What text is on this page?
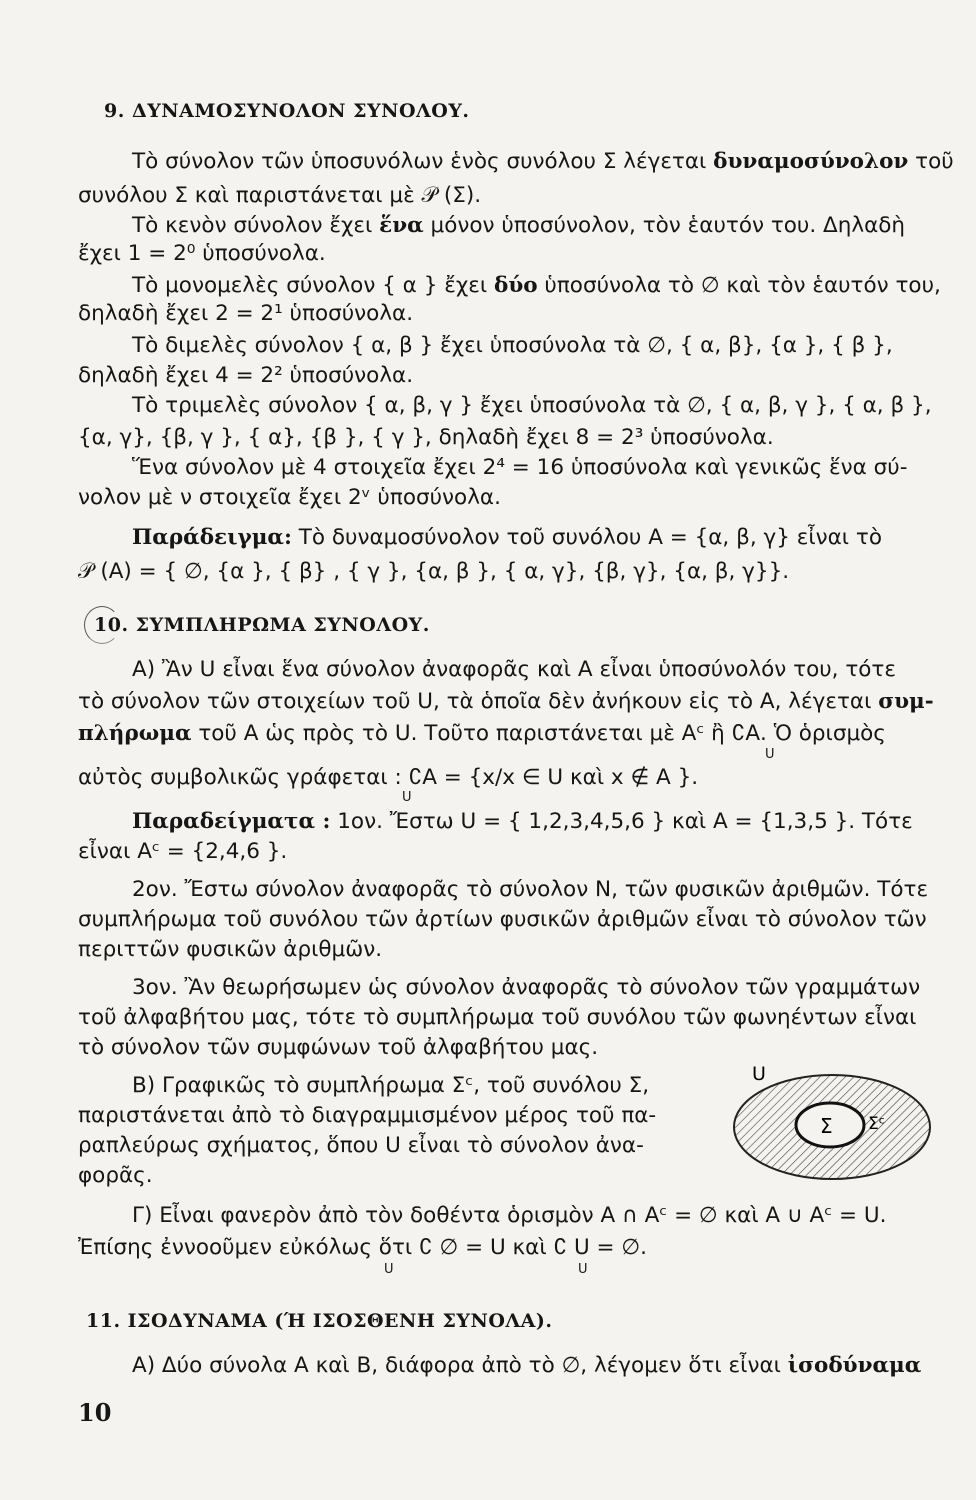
9. ΔΥΝΑΜΟΣΥΝΟΛΟΝ ΣΥΝΟΛΟΥ.
Τὸ σύνολον τῶν ὑποσυνόλων ἑνὸς συνόλου Σ λέγεται δυναμοσύνολον τοῦ
συνόλου Σ καὶ παριστάνεται μὲ 𝒫 (Σ).
Τὸ κενὸν σύνολον ἔχει ἕνα μόνον ὑποσύνολον, τὸν ἑαυτόν του. Δηλαδὴ
ἔχει 1 = 2⁰ ὑποσύνολα.
Τὸ μονομελὲς σύνολον { α } ἔχει δύο ὑποσύνολα τὸ ∅ καὶ τὸν ἑαυτόν του,
δηλαδὴ ἔχει 2 = 2¹ ὑποσύνολα.
Τὸ διμελὲς σύνολον { α, β } ἔχει ὑποσύνολα τὰ ∅, { α, β}, {α }, { β },
δηλαδὴ ἔχει 4 = 2² ὑποσύνολα.
Τὸ τριμελὲς σύνολον { α, β, γ } ἔχει ὑποσύνολα τὰ ∅, { α, β, γ }, { α, β },
{α, γ}, {β, γ }, { α}, {β }, { γ }, δηλαδὴ ἔχει 8 = 2³ ὑποσύνολα.
Ἕνα σύνολον μὲ 4 στοιχεῖα ἔχει 2⁴ = 16 ὑποσύνολα καὶ γενικῶς ἕνα σύ-
νολον μὲ ν στοιχεῖα ἔχει 2ᵛ ὑποσύνολα.
Παράδειγμα: Τὸ δυναμοσύνολον τοῦ συνόλου Α = {α, β, γ} εἶναι τὸ
𝒫 (Α) = { ∅, {α }, { β} , { γ }, {α, β }, { α, γ}, {β, γ}, {α, β, γ}}.
10. ΣΥΜΠΛΗΡΩΜΑ ΣΥΝΟΛΟΥ.
Α) Ἂν U εἶναι ἕνα σύνολον ἀναφορᾶς καὶ Α εἶναι ὑποσύνολόν του, τότε
τὸ σύνολον τῶν στοιχείων τοῦ U, τὰ ὁποῖα δὲν ἀνήκουν εἰς τὸ Α, λέγεται συμ-
πλήρωμα τοῦ Α ὡς πρὸς τὸ U. Τοῦτο παριστάνεται μὲ Αᶜ ἢ ∁Α. Ὁ ὁρισμὸς
U
αὐτὸς συμβολικῶς γράφεται : ∁Α = {x/x ∈ U καὶ x ∉ A }.
U
Παραδείγματα : 1ον. Ἔστω U = { 1,2,3,4,5,6 } καὶ A = {1,3,5 }. Τότε
εἶναι Αᶜ = {2,4,6 }.
2ον. Ἔστω σύνολον ἀναφορᾶς τὸ σύνολον Ν, τῶν φυσικῶν ἀριθμῶν. Τότε
συμπλήρωμα τοῦ συνόλου τῶν ἀρτίων φυσικῶν ἀριθμῶν εἶναι τὸ σύνολον τῶν
περιττῶν φυσικῶν ἀριθμῶν.
3ον. Ἂν θεωρήσωμεν ὡς σύνολον ἀναφορᾶς τὸ σύνολον τῶν γραμμάτων
τοῦ ἀλφαβήτου μας, τότε τὸ συμπλήρωμα τοῦ συνόλου τῶν φωνηέντων εἶναι
τὸ σύνολον τῶν συμφώνων τοῦ ἀλφαβήτου μας.
Β) Γραφικῶς τὸ συμπλήρωμα Σᶜ, τοῦ συνόλου Σ,
παριστάνεται ἀπὸ τὸ διαγραμμισμένον μέρος τοῦ πα-
ραπλεύρως σχήματος, ὅπου U εἶναι τὸ σύνολον ἀνα-
φορᾶς.
U
Σ Σᶜ
Γ) Εἶναι φανερὸν ἀπὸ τὸν δοθέντα ὁρισμὸν Α ∩ Αᶜ = ∅ καὶ Α ∪ Αᶜ = U.
Ἐπίσης ἐννοοῦμεν εὐκόλως ὅτι ∁ ∅ = U καὶ ∁ U = ∅.
U	U
11. ΙΣΟΔΥΝΑΜΑ (Ή ΙΣΟΣΘΕΝΗ ΣΥΝΟΛΑ).
Α) Δύο σύνολα Α καὶ Β, διάφορα ἀπὸ τὸ ∅, λέγομεν ὅτι εἶναι ἰσοδύναμα
10
